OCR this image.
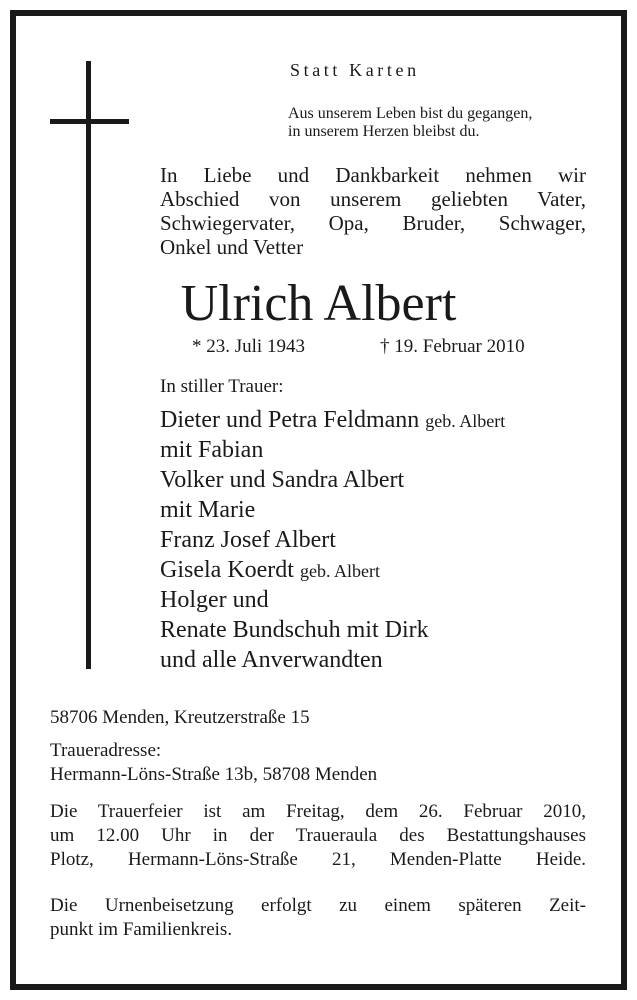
Statt Karten
Aus unserem Leben bist du gegangen,
in unserem Herzen bleibst du.
In Liebe und Dankbarkeit nehmen wir
Abschied von unserem geliebten Vater,
Schwiegervater, Opa, Bruder, Schwager,
Onkel und Vetter
Ulrich Albert
* 23. Juli 1943	† 19. Februar 2010
In stiller Trauer:
Dieter und Petra Feldmann geb. Albert
mit Fabian
Volker und Sandra Albert
mit Marie
Franz Josef Albert
Gisela Koerdt geb. Albert
Holger und
Renate Bundschuh mit Dirk
und alle Anverwandten
58706 Menden, Kreutzerstraße 15
Traueradresse:
Hermann-Löns-Straße 13b, 58708 Menden
Die Trauerfeier ist am Freitag, dem 26. Februar 2010,
um 12.00 Uhr in der Traueraula des Bestattungshauses
Plotz, Hermann-Löns-Straße 21, Menden-Platte Heide.
Die Urnenbeisetzung erfolgt zu einem späteren Zeit-
punkt im Familienkreis.
